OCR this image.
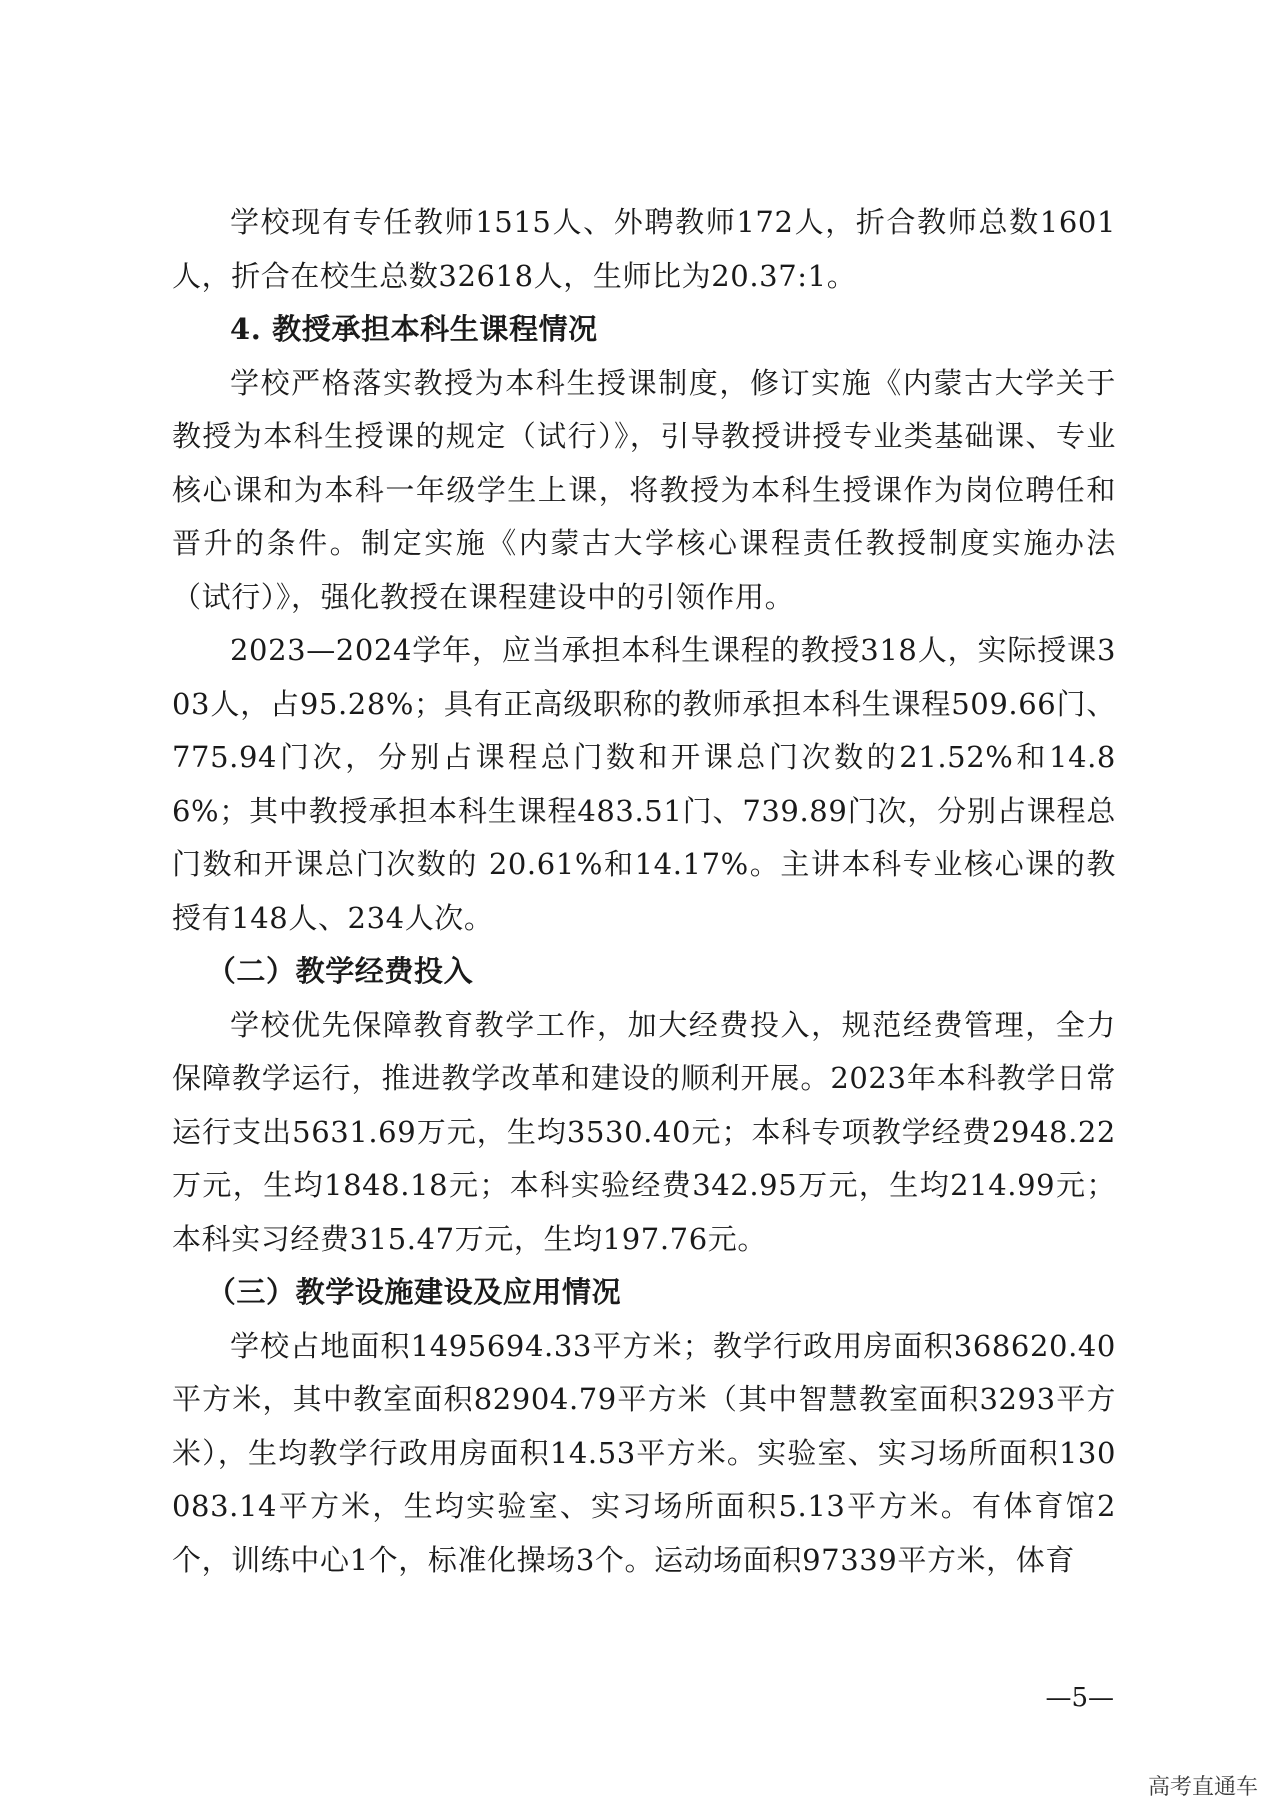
学校现有专任教师1515人、外聘教师172人，折合教师总数1601人，折合在校生总数32618人，生师比为20.37:1。

4. 教授承担本科生课程情况

学校严格落实教授为本科生授课制度，修订实施《内蒙古大学关于教授为本科生授课的规定（试行）》，引导教授讲授专业类基础课、专业核心课和为本科一年级学生上课，将教授为本科生授课作为岗位聘任和晋升的条件。制定实施《内蒙古大学核心课程责任教授制度实施办法（试行）》，强化教授在课程建设中的引领作用。

2023—2024学年，应当承担本科生课程的教授318人，实际授课303人，占95.28%；具有正高级职称的教师承担本科生课程509.66门、775.94门次，分别占课程总门数和开课总门次数的21.52%和14.86%；其中教授承担本科生课程483.51门、739.89门次，分别占课程总门数和开课总门次数的 20.61%和14.17%。主讲本科专业核心课的教授有148人、234人次。

（二）教学经费投入

学校优先保障教育教学工作，加大经费投入，规范经费管理，全力保障教学运行，推进教学改革和建设的顺利开展。2023年本科教学日常运行支出5631.69万元，生均3530.40元；本科专项教学经费2948.22万元，生均1848.18元；本科实验经费342.95万元，生均214.99元；本科实习经费315.47万元，生均197.76元。

（三）教学设施建设及应用情况

学校占地面积1495694.33平方米；教学行政用房面积368620.40平方米，其中教室面积82904.79平方米（其中智慧教室面积3293平方米），生均教学行政用房面积14.53平方米。实验室、实习场所面积130083.14平方米，生均实验室、实习场所面积5.13平方米。有体育馆2个，训练中心1个，标准化操场3个。运动场面积97339平方米，体育

—5—
高考直通车
